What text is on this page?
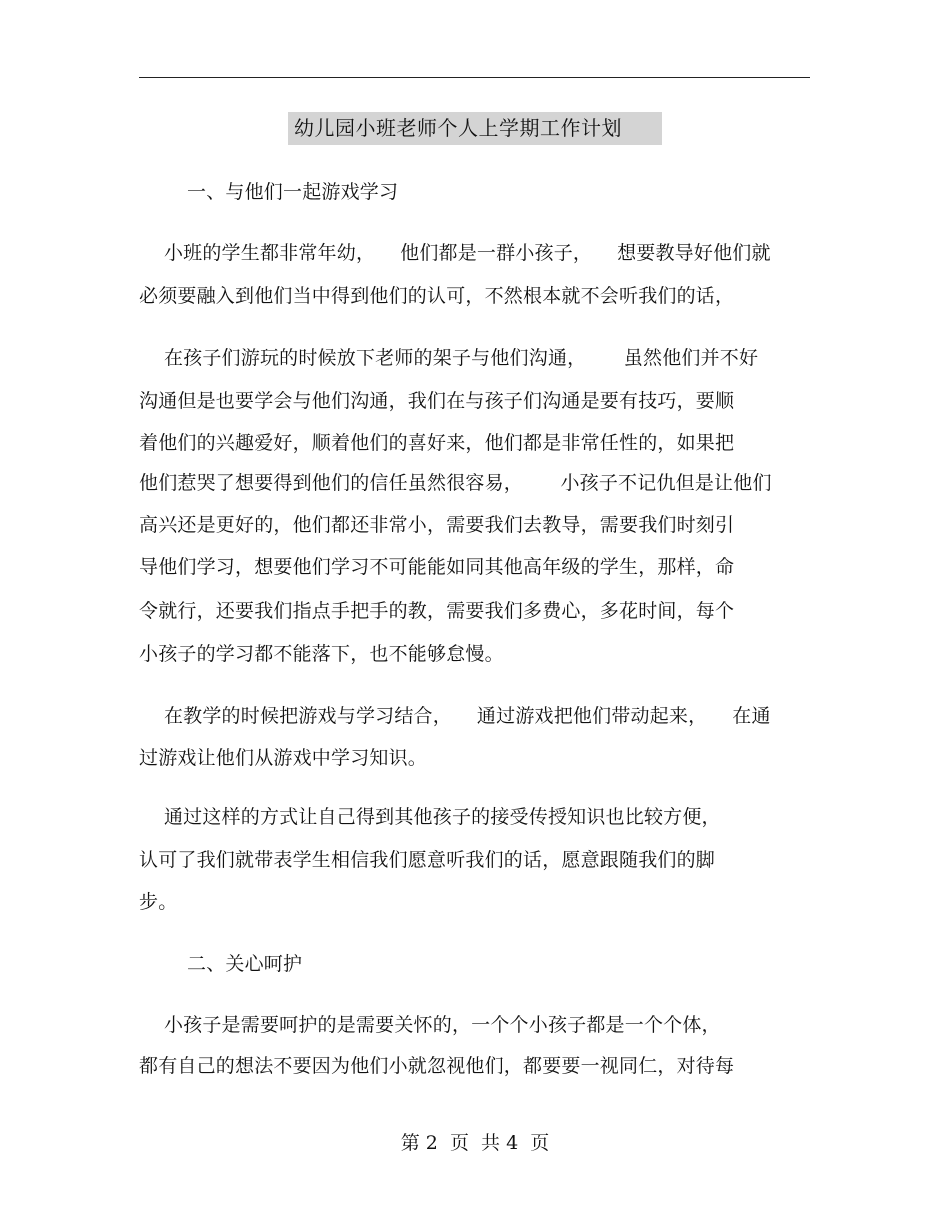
幼儿园小班老师个人上学期工作计划
一、与他们一起游戏学习
小班的学生都非常年幼，    他们都是一群小孩子，    想要教导好他们就
必须要融入到他们当中得到他们的认可，不然根本就不会听我们的话，
在孩子们游玩的时候放下老师的架子与他们沟通，      虽然他们并不好
沟通但是也要学会与他们沟通，我们在与孩子们沟通是要有技巧，要顺
着他们的兴趣爱好，顺着他们的喜好来，他们都是非常任性的，如果把
他们惹哭了想要得到他们的信任虽然很容易，      小孩子不记仇但是让他们
高兴还是更好的，他们都还非常小，需要我们去教导，需要我们时刻引
导他们学习，想要他们学习不可能能如同其他高年级的学生，那样，命
令就行，还要我们指点手把手的教，需要我们多费心，多花时间，每个
小孩子的学习都不能落下，也不能够怠慢。
在教学的时候把游戏与学习结合，    通过游戏把他们带动起来，    在通
过游戏让他们从游戏中学习知识。
通过这样的方式让自己得到其他孩子的接受传授知识也比较方便，
认可了我们就带表学生相信我们愿意听我们的话，愿意跟随我们的脚
步。
二、关心呵护
小孩子是需要呵护的是需要关怀的，一个个小孩子都是一个个体，
都有自己的想法不要因为他们小就忽视他们，都要要一视同仁，对待每
第 2  页  共 4  页
